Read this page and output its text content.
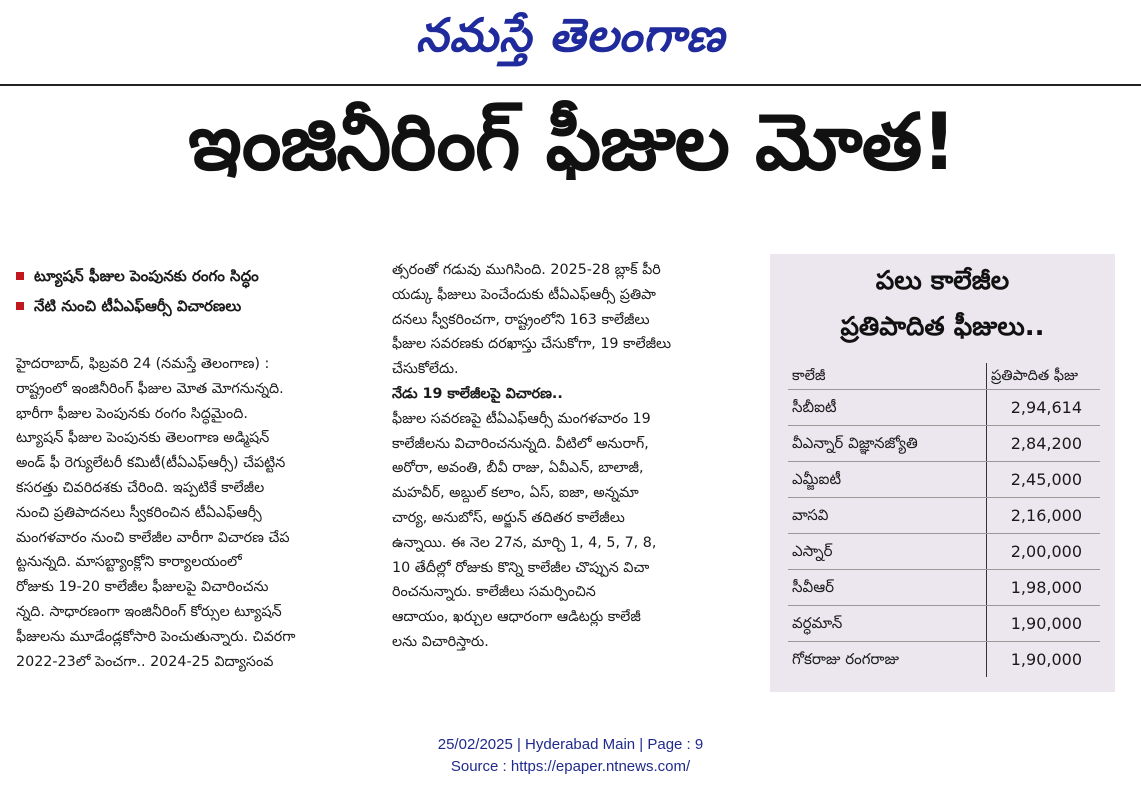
నమస్తే తెలంగాణ
ఇంజినీరింగ్ ఫీజుల మోత!
ట్యూషన్ ఫీజుల పెంపునకు రంగం సిద్ధం
నేటి నుంచి టీఏఎఫ్ఆర్సీ విచారణలు
హైదరాబాద్, ఫిబ్రవరి 24 (నమస్తే తెలంగాణ) :
రాష్ట్రంలో ఇంజినీరింగ్ ఫీజుల మోత మోగనున్నది.
భారీగా ఫీజుల పెంపునకు రంగం సిద్ధమైంది.
ట్యూషన్ ఫీజుల పెంపునకు తెలంగాణ అడ్మిషన్
అండ్ ఫీ రెగ్యులేటరీ కమిటీ(టీఏఎఫ్ఆర్సీ) చేపట్టిన
కసరత్తు చివరిదశకు చేరింది. ఇప్పటికే కాలేజీల
నుంచి ప్రతిపాదనలు స్వీకరించిన టీఏఎఫ్ఆర్సీ
మంగళవారం నుంచి కాలేజీల వారీగా విచారణ చేప
ట్టనున్నది. మాసబ్ట్యాంక్లోని కార్యాలయంలో
రోజుకు 19-20 కాలేజీల ఫీజులపై విచారించను
న్నది. సాధారణంగా ఇంజినీరింగ్ కోర్సుల ట్యూషన్
ఫీజులను మూడేండ్లకోసారి పెంచుతున్నారు. చివరగా
2022-23లో పెంచగా.. 2024-25 విద్యాసంవ
త్సరంతో గడువు ముగిసింది. 2025-28 బ్లాక్ పీరి
యడ్కు ఫీజులు పెంచేందుకు టీఏఎఫ్ఆర్సీ ప్రతిపా
దనలు స్వీకరించగా, రాష్ట్రంలోని 163 కాలేజీలు
ఫీజుల సవరణకు దరఖాస్తు చేసుకోగా, 19 కాలేజీలు
చేసుకోలేదు.
నేడు 19 కాలేజీలపై విచారణ..
ఫీజుల సవరణపై టీఏఎఫ్ఆర్సీ మంగళవారం 19
కాలేజీలను విచారించనున్నది. వీటిలో అనురాగ్,
అరోరా, అవంతి, బీవీ రాజు, ఏవీఎన్, బాలాజీ,
మహవీర్, అబ్దుల్ కలాం, ఏస్, ఐజా, అన్నమా
చార్య, అనుబోస్, అర్జున్ తదితర కాలేజీలు
ఉన్నాయి. ఈ నెల 27న, మార్చి 1, 4, 5, 7, 8,
10 తేదీల్లో రోజుకు కొన్ని కాలేజీల చొప్పున విచా
రించనున్నారు. కాలేజీలు సమర్పించిన
ఆదాయం, ఖర్చుల ఆధారంగా ఆడిటర్లు కాలేజీ
లను విచారిస్తారు.
పలు కాలేజీల
ప్రతిపాదిత ఫీజులు..
కాలేజీ	ప్రతిపాదిత ఫీజు
సీబీఐటీ	2,94,614
వీఎన్నార్ విజ్ఞానజ్యోతి	2,84,200
ఎమ్జీఐటీ	2,45,000
వాసవి	2,16,000
ఎస్నార్	2,00,000
సీవీఆర్	1,98,000
వర్ధమాన్	1,90,000
గోకరాజు రంగరాజు	1,90,000
25/02/2025 | Hyderabad Main | Page : 9
Source : https://epaper.ntnews.com/
